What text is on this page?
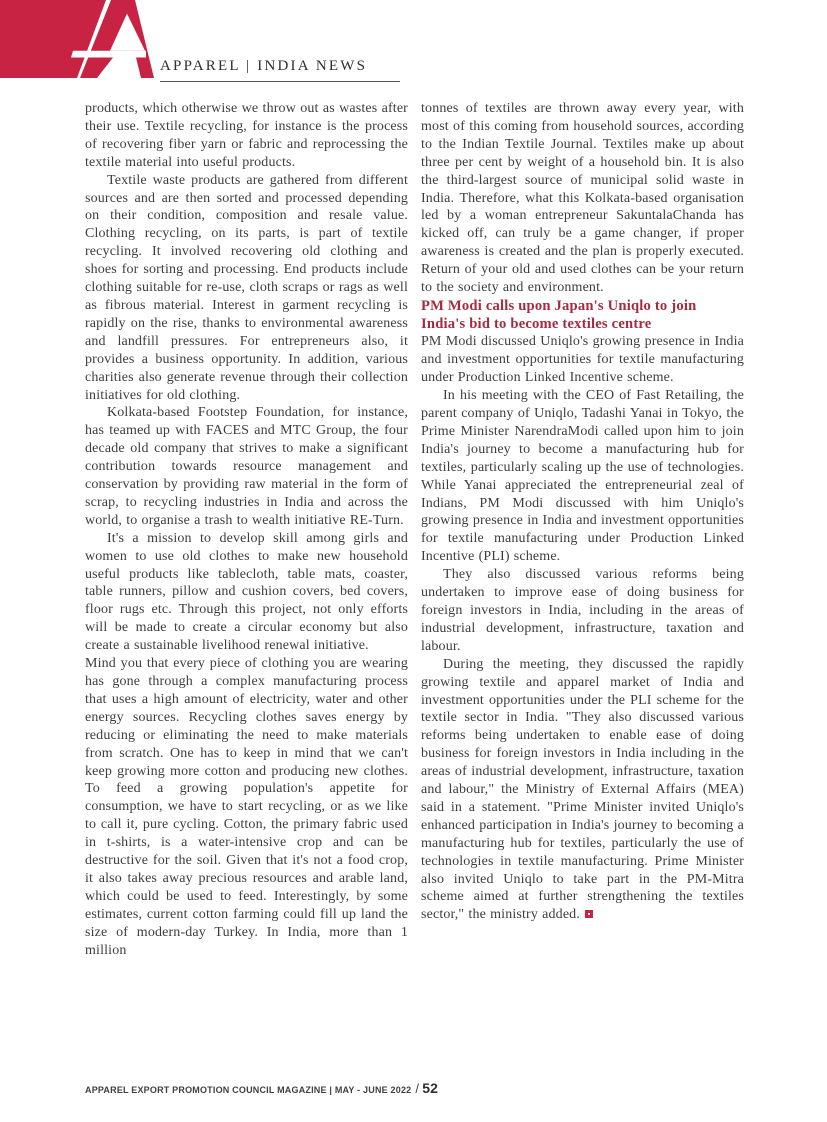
APPAREL | INDIA NEWS

products, which otherwise we throw out as wastes after their use. Textile recycling, for instance is the process of recovering fiber yarn or fabric and reprocessing the textile material into useful products.

Textile waste products are gathered from different sources and are then sorted and processed depending on their condition, composition and resale value. Clothing recycling, on its parts, is part of textile recycling. It involved recovering old clothing and shoes for sorting and processing. End products include clothing suitable for re-use, cloth scraps or rags as well as fibrous material. Interest in garment recycling is rapidly on the rise, thanks to environmental awareness and landfill pressures. For entrepreneurs also, it provides a business opportunity. In addition, various charities also generate revenue through their collection initiatives for old clothing.

Kolkata-based Footstep Foundation, for instance, has teamed up with FACES and MTC Group, the four decade old company that strives to make a significant contribution towards resource management and conservation by providing raw material in the form of scrap, to recycling industries in India and across the world, to organise a trash to wealth initiative RE-Turn.

It's a mission to develop skill among girls and women to use old clothes to make new household useful products like tablecloth, table mats, coaster, table runners, pillow and cushion covers, bed covers, floor rugs etc. Through this project, not only efforts will be made to create a circular economy but also create a sustainable livelihood renewal initiative.

Mind you that every piece of clothing you are wearing has gone through a complex manufacturing process that uses a high amount of electricity, water and other energy sources. Recycling clothes saves energy by reducing or eliminating the need to make materials from scratch. One has to keep in mind that we can't keep growing more cotton and producing new clothes. To feed a growing population's appetite for consumption, we have to start recycling, or as we like to call it, pure cycling. Cotton, the primary fabric used in t-shirts, is a water-intensive crop and can be destructive for the soil. Given that it's not a food crop, it also takes away precious resources and arable land, which could be used to feed. Interestingly, by some estimates, current cotton farming could fill up land the size of modern-day Turkey. In India, more than 1 million

tonnes of textiles are thrown away every year, with most of this coming from household sources, according to the Indian Textile Journal. Textiles make up about three per cent by weight of a household bin. It is also the third-largest source of municipal solid waste in India. Therefore, what this Kolkata-based organisation led by a woman entrepreneur SakuntalaChanda has kicked off, can truly be a game changer, if proper awareness is created and the plan is properly executed. Return of your old and used clothes can be your return to the society and environment.

PM Modi calls upon Japan's Uniqlo to join India's bid to become textiles centre

PM Modi discussed Uniqlo's growing presence in India and investment opportunities for textile manufacturing under Production Linked Incentive scheme.

In his meeting with the CEO of Fast Retailing, the parent company of Uniqlo, Tadashi Yanai in Tokyo, the Prime Minister NarendraModi called upon him to join India's journey to become a manufacturing hub for textiles, particularly scaling up the use of technologies. While Yanai appreciated the entrepreneurial zeal of Indians, PM Modi discussed with him Uniqlo's growing presence in India and investment opportunities for textile manufacturing under Production Linked Incentive (PLI) scheme.

They also discussed various reforms being undertaken to improve ease of doing business for foreign investors in India, including in the areas of industrial development, infrastructure, taxation and labour.

During the meeting, they discussed the rapidly growing textile and apparel market of India and investment opportunities under the PLI scheme for the textile sector in India. "They also discussed various reforms being undertaken to enable ease of doing business for foreign investors in India including in the areas of industrial development, infrastructure, taxation and labour," the Ministry of External Affairs (MEA) said in a statement. "Prime Minister invited Uniqlo's enhanced participation in India's journey to becoming a manufacturing hub for textiles, particularly the use of technologies in textile manufacturing. Prime Minister also invited Uniqlo to take part in the PM-Mitra scheme aimed at further strengthening the textiles sector," the ministry added.

APPAREL EXPORT PROMOTION COUNCIL MAGAZINE | MAY - JUNE 2022 / 52
